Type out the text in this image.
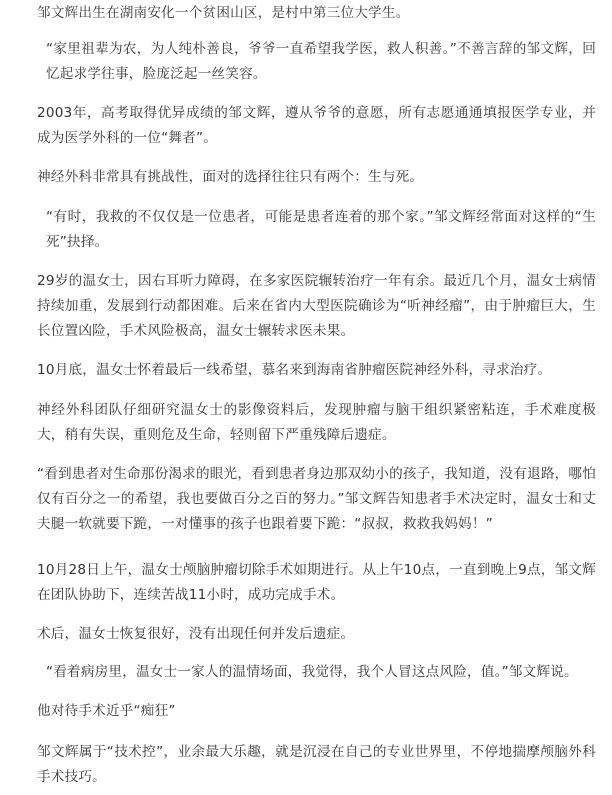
邹文辉出生在湖南安化一个贫困山区，是村中第三位大学生。

“家里祖辈为农，为人纯朴善良，爷爷一直希望我学医，救人积善。”不善言辞的邹文辉，回忆起求学往事，脸庞泛起一丝笑容。

2003年，高考取得优异成绩的邹文辉，遵从爷爷的意愿，所有志愿通通填报医学专业，并成为医学外科的一位“舞者”。

神经外科非常具有挑战性，面对的选择往往只有两个：生与死。

“有时，我救的不仅仅是一位患者，可能是患者连着的那个家。”邹文辉经常面对这样的“生死”抉择。

29岁的温女士，因右耳听力障碍，在多家医院辗转治疗一年有余。最近几个月，温女士病情持续加重，发展到行动都困难。后来在省内大型医院确诊为“听神经瘤”，由于肿瘤巨大，生长位置凶险，手术风险极高，温女士辗转求医未果。

10月底，温女士怀着最后一线希望，慕名来到海南省肿瘤医院神经外科，寻求治疗。

神经外科团队仔细研究温女士的影像资料后，发现肿瘤与脑干组织紧密粘连，手术难度极大，稍有失误，重则危及生命，轻则留下严重残障后遗症。

“看到患者对生命那份渴求的眼光，看到患者身边那双幼小的孩子，我知道，没有退路，哪怕仅有百分之一的希望，我也要做百分之百的努力。”邹文辉告知患者手术决定时，温女士和丈夫腿一软就要下跪，一对懂事的孩子也跟着要下跪：“叔叔，救救我妈妈！”

10月28日上午，温女士颅脑肿瘤切除手术如期进行。从上午10点，一直到晚上9点，邹文辉在团队协助下，连续苦战11小时，成功完成手术。

术后，温女士恢复很好，没有出现任何并发后遗症。

“看着病房里，温女士一家人的温情场面，我觉得，我个人冒这点风险，值。”邹文辉说。

他对待手术近乎“痴狂”

邹文辉属于“技术控”，业余最大乐趣，就是沉浸在自己的专业世界里，不停地揣摩颅脑外科手术技巧。
